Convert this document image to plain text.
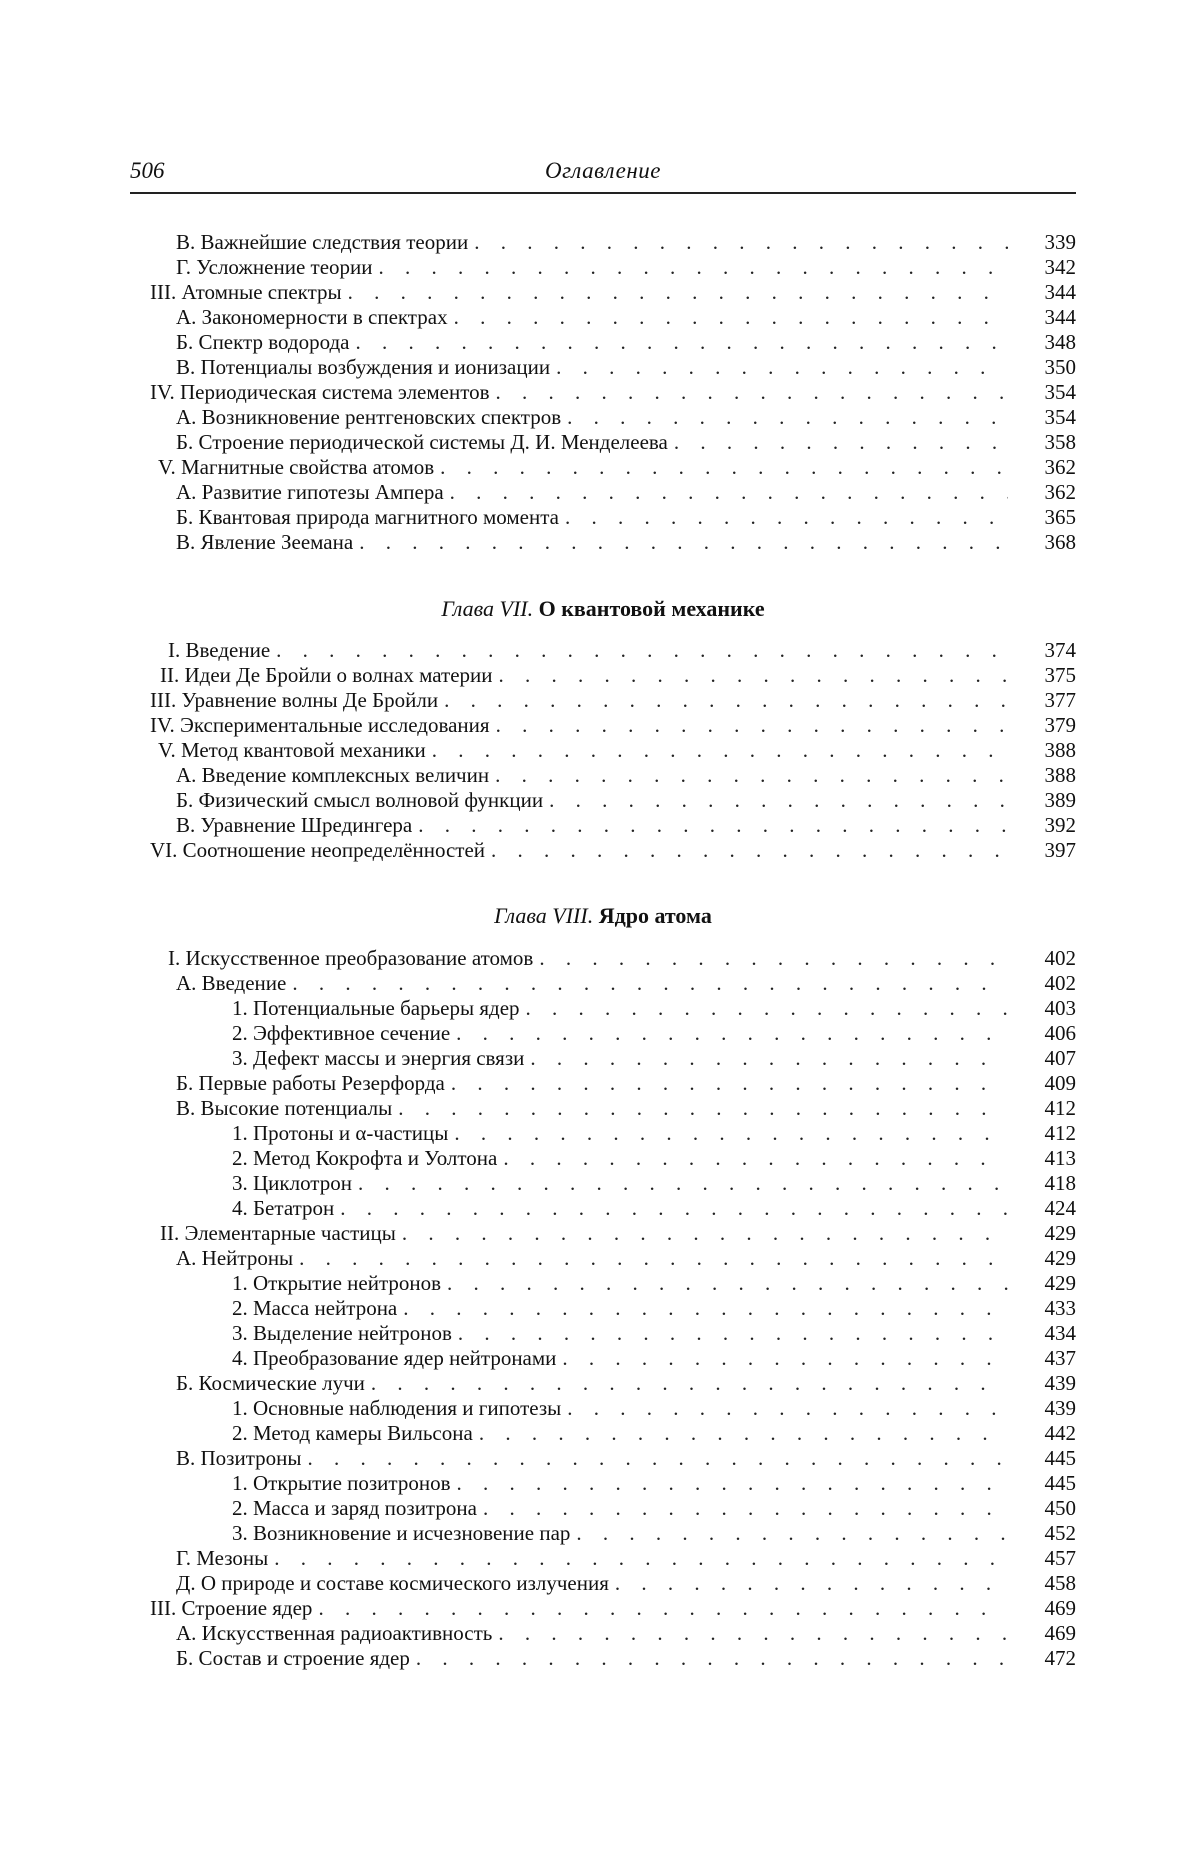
506	Оглавление
В. Важнейшие следствия теории . . .	339
Г. Усложнение теории . . .	342
III. Атомные спектры . . .	344
А. Закономерности в спектрах . . .	344
Б. Спектр водорода . . .	348
В. Потенциалы возбуждения и ионизации . . .	350
IV. Периодическая система элементов . . .	354
А. Возникновение рентгеновских спектров . . .	354
Б. Строение периодической системы Д. И. Менделеева . . .	358
V. Магнитные свойства атомов . . .	362
А. Развитие гипотезы Ампера . . .	362
Б. Квантовая природа магнитного момента . . .	365
В. Явление Зеемана . . .	368
Глава VII. О квантовой механике
I. Введение . . .	374
II. Идеи Де Бройли о волнах материи . . .	375
III. Уравнение волны Де Бройли . . .	377
IV. Экспериментальные исследования . . .	379
V. Метод квантовой механики . . .	388
А. Введение комплексных величин . . .	388
Б. Физический смысл волновой функции . . .	389
В. Уравнение Шредингера . . .	392
VI. Соотношение неопределённостей . . .	397
Глава VIII. Ядро атома
I. Искусственное преобразование атомов . . .	402
А. Введение . . .	402
1. Потенциальные барьеры ядер . . .	403
2. Эффективное сечение . . .	406
3. Дефект массы и энергия связи . . .	407
Б. Первые работы Резерфорда . . .	409
В. Высокие потенциалы . . .	412
1. Протоны и α-частицы . . .	412
2. Метод Кокрофта и Уолтона . . .	413
3. Циклотрон . . .	418
4. Бетатрон . . .	424
II. Элементарные частицы . . .	429
А. Нейтроны . . .	429
1. Открытие нейтронов . . .	429
2. Масса нейтрона . . .	433
3. Выделение нейтронов . . .	434
4. Преобразование ядер нейтронами . . .	437
Б. Космические лучи . . .	439
1. Основные наблюдения и гипотезы . . .	439
2. Метод камеры Вильсона . . .	442
В. Позитроны . . .	445
1. Открытие позитронов . . .	445
2. Масса и заряд позитрона . . .	450
3. Возникновение и исчезновение пар . . .	452
Г. Мезоны . . .	457
Д. О природе и составе космического излучения . . .	458
III. Строение ядер . . .	469
А. Искусственная радиоактивность . . .	469
Б. Состав и строение ядер . . .	472
